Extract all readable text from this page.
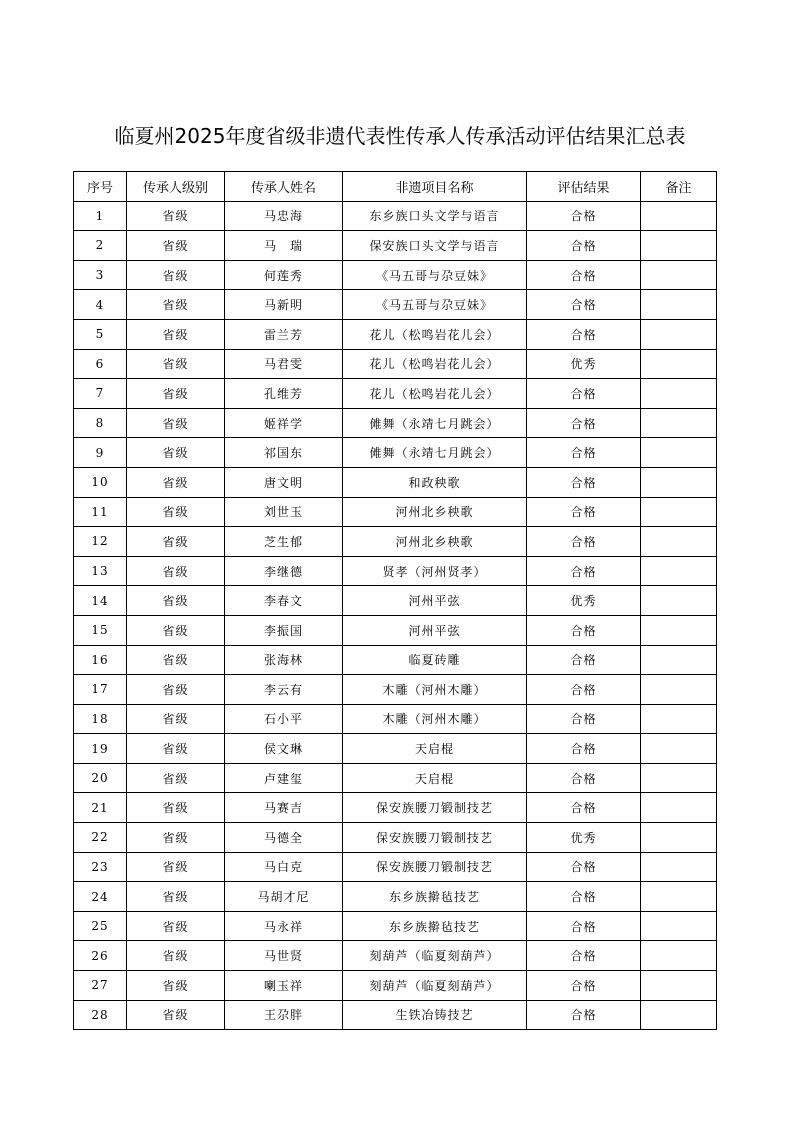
临夏州2025年度省级非遗代表性传承人传承活动评估结果汇总表
序号	传承人级别	传承人姓名	非遗项目名称	评估结果	备注
1	省级	马忠海	东乡族口头文学与语言	合格	
2	省级	马　瑞	保安族口头文学与语言	合格	
3	省级	何莲秀	《马五哥与尕豆妹》	合格	
4	省级	马新明	《马五哥与尕豆妹》	合格	
5	省级	雷兰芳	花儿（松鸣岩花儿会）	合格	
6	省级	马君雯	花儿（松鸣岩花儿会）	优秀	
7	省级	孔维芳	花儿（松鸣岩花儿会）	合格	
8	省级	姬祥学	傩舞（永靖七月跳会）	合格	
9	省级	祁国东	傩舞（永靖七月跳会）	合格	
10	省级	唐文明	和政秧歌	合格	
11	省级	刘世玉	河州北乡秧歌	合格	
12	省级	芝生郁	河州北乡秧歌	合格	
13	省级	李继德	贤孝（河州贤孝）	合格	
14	省级	李春文	河州平弦	优秀	
15	省级	李振国	河州平弦	合格	
16	省级	张海林	临夏砖雕	合格	
17	省级	李云有	木雕（河州木雕）	合格	
18	省级	石小平	木雕（河州木雕）	合格	
19	省级	侯文琳	天启棍	合格	
20	省级	卢建玺	天启棍	合格	
21	省级	马赛吉	保安族腰刀锻制技艺	合格	
22	省级	马德全	保安族腰刀锻制技艺	优秀	
23	省级	马白克	保安族腰刀锻制技艺	合格	
24	省级	马胡才尼	东乡族擀毡技艺	合格	
25	省级	马永祥	东乡族擀毡技艺	合格	
26	省级	马世贤	刻葫芦（临夏刻葫芦）	合格	
27	省级	喇玉祥	刻葫芦（临夏刻葫芦）	合格	
28	省级	王尕胖	生铁冶铸技艺	合格	
